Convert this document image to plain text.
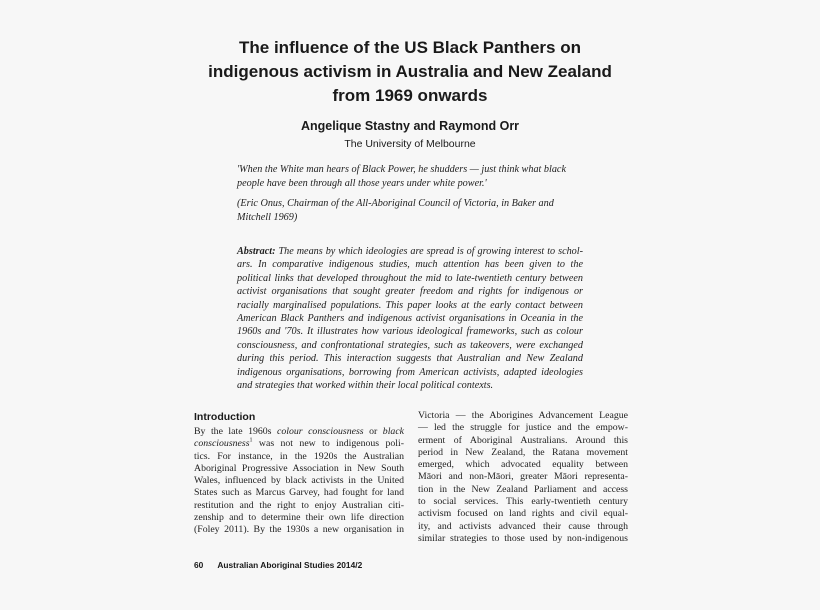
The influence of the US Black Panthers on
indigenous activism in Australia and New Zealand
from 1969 onwards
Angelique Stastny and Raymond Orr
The University of Melbourne
'When the White man hears of Black Power, he shudders — just think what black
people have been through all those years under white power.'
(Eric Onus, Chairman of the All-Aboriginal Council of Victoria, in Baker and
Mitchell 1969)
Abstract: The means by which ideologies are spread is of growing interest to schol-
ars. In comparative indigenous studies, much attention has been given to the
political links that developed throughout the mid to late-twentieth century between
activist organisations that sought greater freedom and rights for indigenous or
racially marginalised populations. This paper looks at the early contact between
American Black Panthers and indigenous activist organisations in Oceania in the
1960s and '70s. It illustrates how various ideological frameworks, such as colour
consciousness, and confrontational strategies, such as takeovers, were exchanged
during this period. This interaction suggests that Australian and New Zealand
indigenous organisations, borrowing from American activists, adapted ideologies
and strategies that worked within their local political contexts.
Introduction
By the late 1960s colour consciousness or black
consciousness$^1$ was not new to indigenous poli-
tics. For instance, in the 1920s the Australian
Aboriginal Progressive Association in New South
Wales, influenced by black activists in the United
States such as Marcus Garvey, had fought for land
restitution and the right to enjoy Australian citi-
zenship and to determine their own life direction
(Foley 2011). By the 1930s a new organisation in
Victoria — the Aborigines Advancement League
— led the struggle for justice and the empow-
erment of Aboriginal Australians. Around this
period in New Zealand, the Ratana movement
emerged, which advocated equality between
Māori and non-Māori, greater Māori representa-
tion in the New Zealand Parliament and access
to social services. This early-twentieth century
activism focused on land rights and civil equal-
ity, and activists advanced their cause through
similar strategies to those used by non-indigenous
60 Australian Aboriginal Studies 2014/2
